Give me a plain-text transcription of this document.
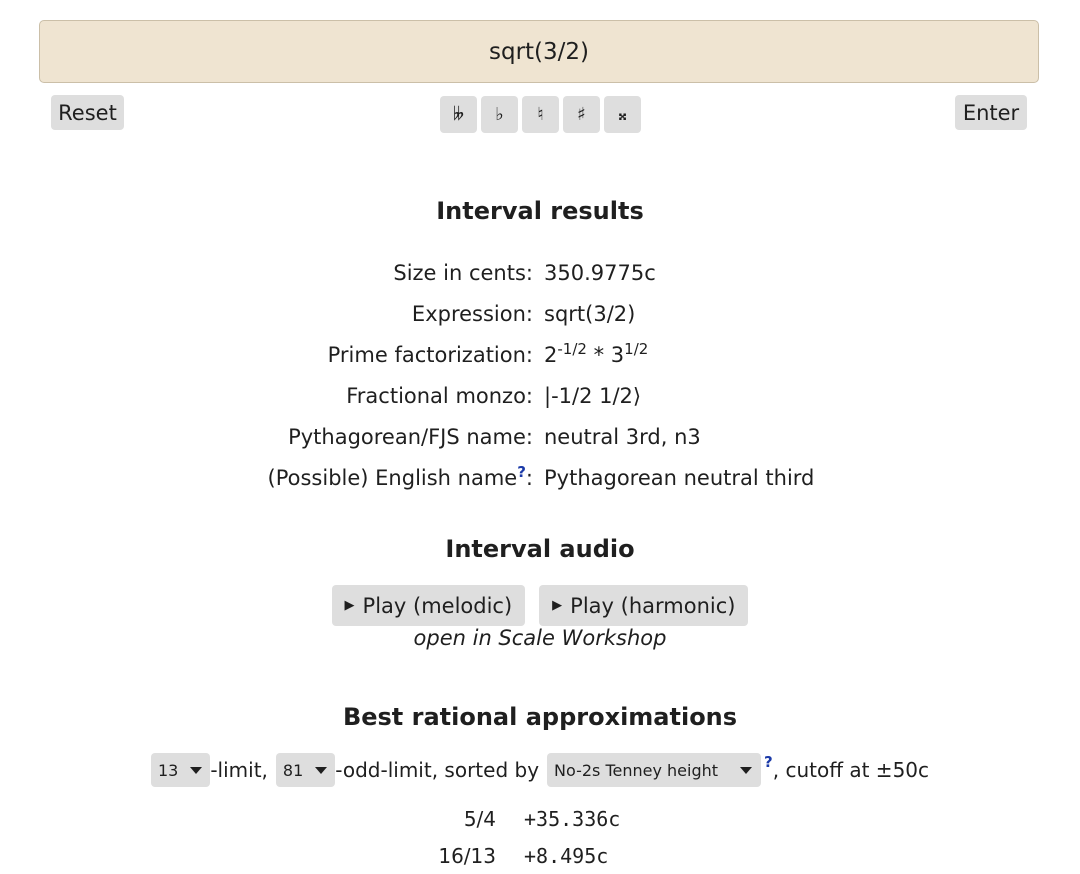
sqrt(3/2)
Reset	𝄫	♭	♮	♯	𝄪	Enter
Interval results
Size in cents: 350.9775c
Expression: sqrt(3/2)
Prime factorization: $2^{-1/2} * 3^{1/2}$
Fractional monzo: |-1/2 1/2⟩
Pythagorean/FJS name: neutral 3rd, n3
(Possible) English name?: Pythagorean neutral third
Interval audio
▶ Play (melodic)	▶ Play (harmonic)
open in Scale Workshop
Best rational approximations
13 -limit, 81 -odd-limit, sorted by No-2s Tenney height	? , cutoff at ±50c
5/4	+35.336c
16/13	+8.495c
